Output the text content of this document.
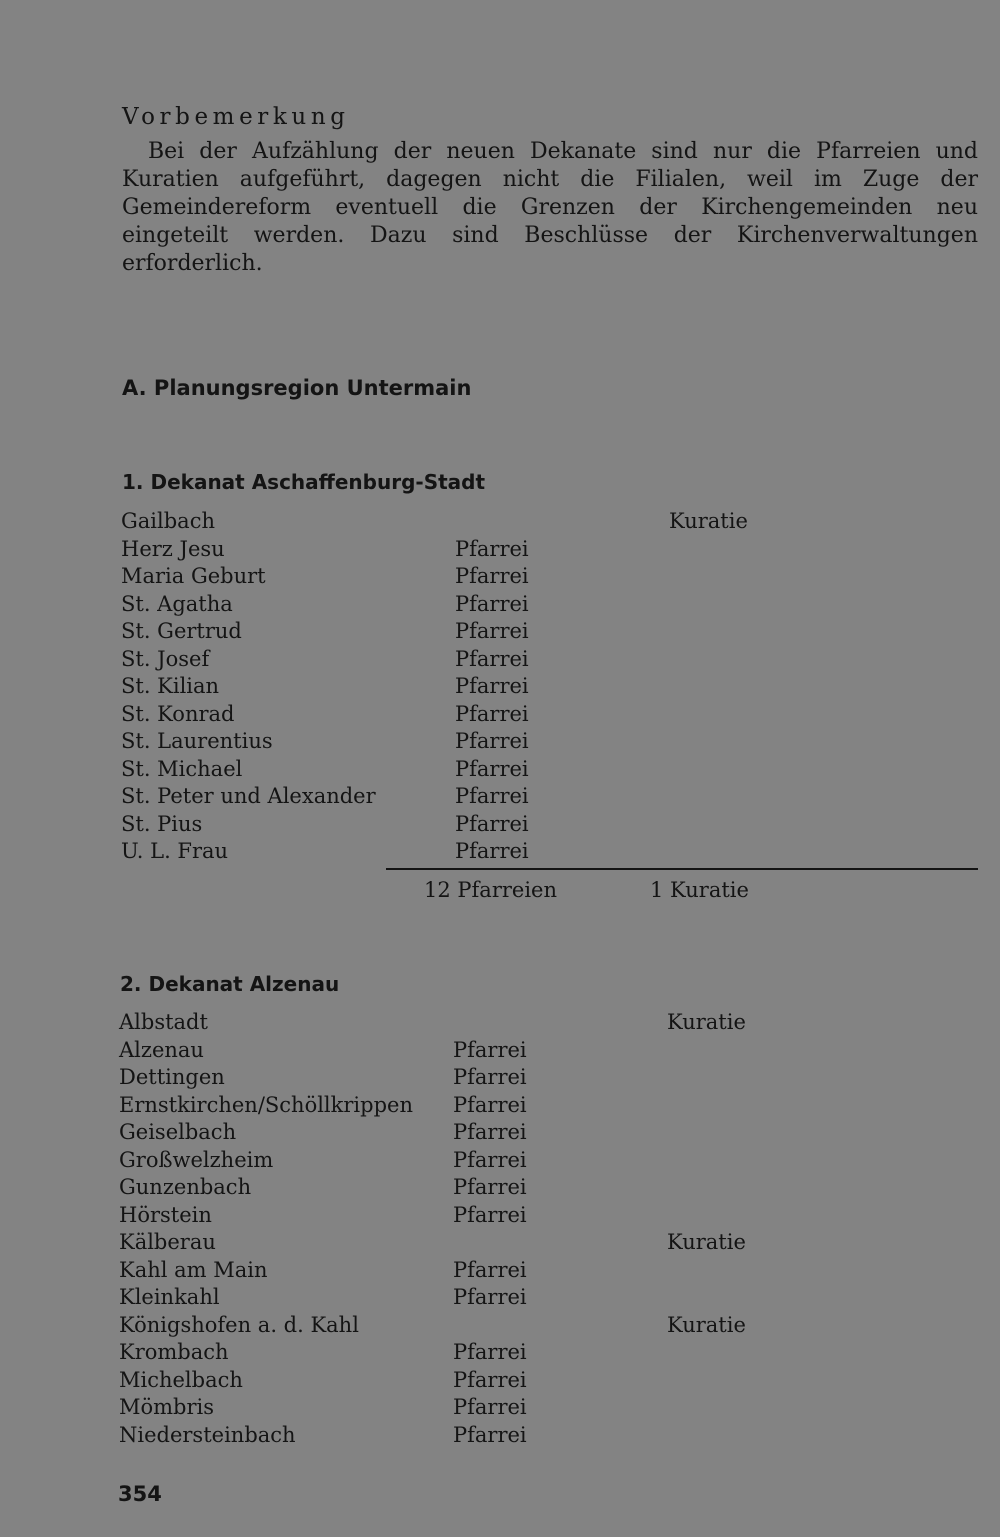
Vorbemerkung

Bei der Aufzählung der neuen Dekanate sind nur die Pfarreien und Kuratien aufgeführt, dagegen nicht die Filialen, weil im Zuge der Gemeindereform eventuell die Grenzen der Kirchengemeinden neu eingeteilt werden. Dazu sind Beschlüsse der Kirchenverwaltungen erforderlich.

A. Planungsregion Untermain
1. Dekanat Aschaffenburg-Stadt
Gailbach	Kuratie
Herz Jesu	Pfarrei
Maria Geburt	Pfarrei
St. Agatha	Pfarrei
St. Gertrud	Pfarrei
St. Josef	Pfarrei
St. Kilian	Pfarrei
St. Konrad	Pfarrei
St. Laurentius	Pfarrei
St. Michael	Pfarrei
St. Peter und Alexander	Pfarrei
St. Pius	Pfarrei
U. L. Frau	Pfarrei
12 Pfarreien	1 Kuratie
2. Dekanat Alzenau
Albstadt	Kuratie
Alzenau	Pfarrei
Dettingen	Pfarrei
Ernstkirchen/Schöllkrippen Pfarrei
Geiselbach	Pfarrei
Großwelzheim	Pfarrei
Gunzenbach	Pfarrei
Hörstein	Pfarrei
Kälberau	Kuratie
Kahl am Main	Pfarrei
Kleinkahl	Pfarrei
Königshofen a. d. Kahl	Kuratie
Krombach	Pfarrei
Michelbach	Pfarrei
Mömbris	Pfarrei
Niedersteinbach	Pfarrei
354
